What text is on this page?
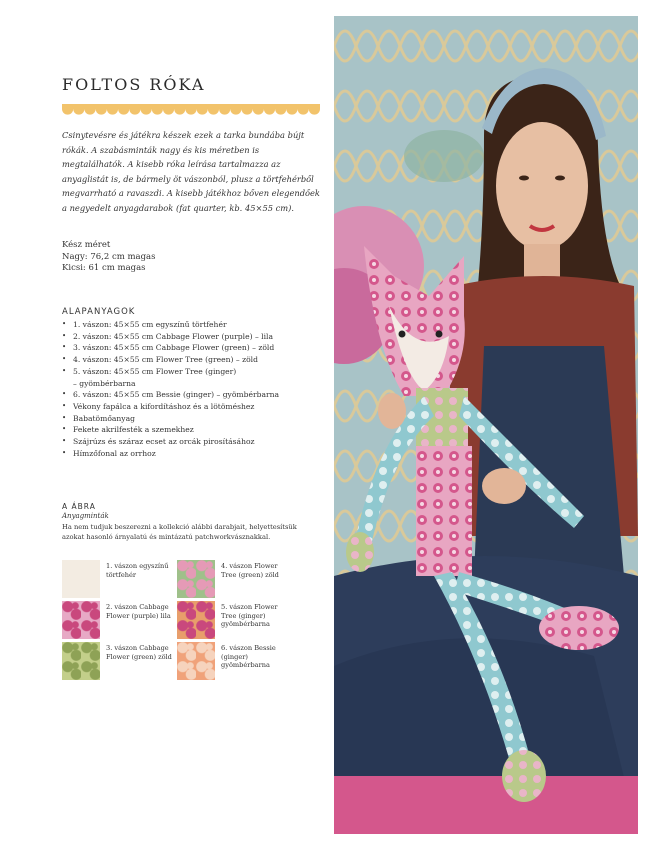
FOLTOS RÓKA
Csinytevésre és játékra készek ezek a tarka bundába bújt rókák. A szabásminták nagy és kis méretben is megtalálhatók. A kisebb róka leírása tartalmazza az anyaglistát is, de bármely öt vászonból, plusz a törtfehérből megvarrható a ravaszdi. A kisebb játékhoz bőven elegendőek a negyedelt anyagdarabok (fat quarter, kb. 45×55 cm).
Kész méret
Nagy: 76,2 cm magas
Kicsi: 61 cm magas
ALAPANYAGOK
• 1. vászon: 45×55 cm egyszínű törtfehér
• 2. vászon: 45×55 cm Cabbage Flower (purple) – lila
• 3. vászon: 45×55 cm Cabbage Flower (green) – zöld
• 4. vászon: 45×55 cm Flower Tree (green) – zöld
• 5. vászon: 45×55 cm Flower Tree (ginger)
– gyömbérbarna
• 6. vászon: 45×55 cm Bessie (ginger) – gyömbérbarna
• Vékony fapálca a kifordításhoz és a lötöméshez
• Babatömőanyag
• Fekete akrilfesték a szemekhez
• Szájrúzs és száraz ecset az orcák pirosításához
• Hímzőfonal az orrhoz
A ÁBRA
Anyagminták
Ha nem tudjuk beszerezni a kollekció alábbi darabjait, helyettesítsük azokat hasonló árnyalatú és mintázatú patchworkvásznakkal.
1. vászon egyszínű törtfehér
2. vászon Cabbage Flower (purple) lila
3. vászon Cabbage Flower (green) zöld
4. vászon Flower Tree (green) zöld
5. vászon Flower Tree (ginger) gyömbérbarna
6. vászon Bessie (ginger) gyömbérbarna
